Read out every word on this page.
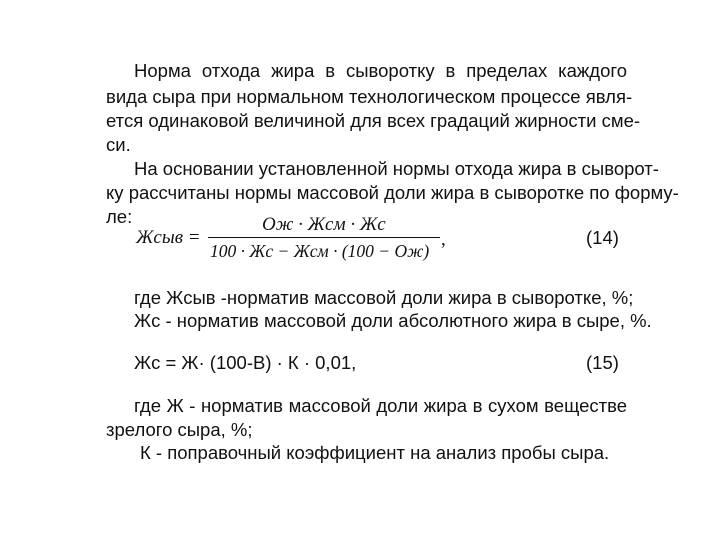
Норма отхода жира в сыворотку в пределах каждого
вида сыра при нормальном технологическом процессе явля-
ется одинаковой величиной для всех градаций жирности сме-
си.
На основании установленной нормы отхода жира в сыворот-
ку рассчитаны нормы массовой доли жира в сыворотке по форму-
ле:
Жсыв =
Ож · Жсм · Жс
100 · Жс − Жсм · (100 − Ож)
,	(14)
где Жсыв -норматив массовой доли жира в сыворотке, %;
Жс - норматив массовой доли абсолютного жира в сыре, %.
Жс = Ж· (100-В) · К · 0,01,	(15)
где Ж - норматив массовой доли жира в сухом веществе
зрелого сыра, %;
К - поправочный коэффициент на анализ пробы сыра.
